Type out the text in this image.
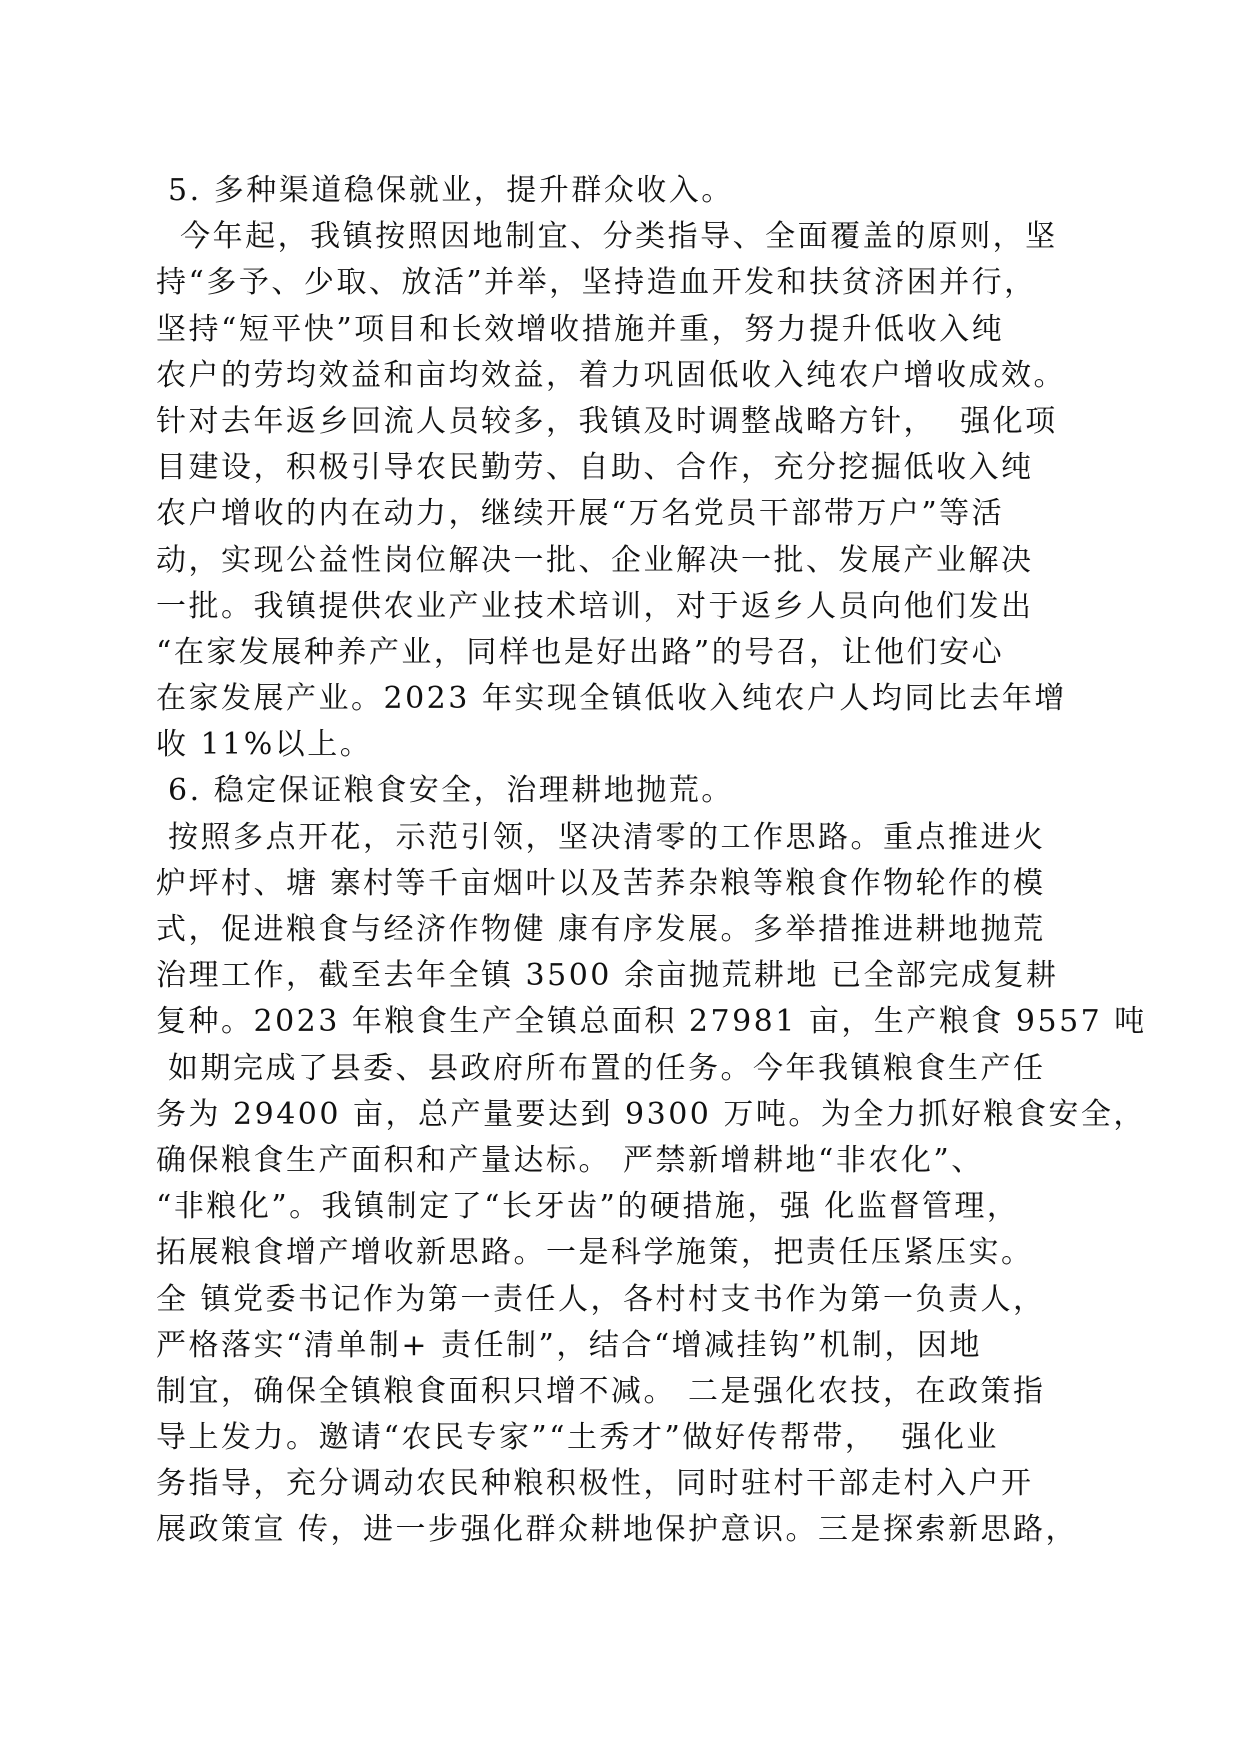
5. 多种渠道稳保就业，提升群众收入。
今年起，我镇按照因地制宜、分类指导、全面覆盖的原则，坚
持“多予、少取、放活”并举，坚持造血开发和扶贫济困并行，
坚持“短平快”项目和长效增收措施并重，努力提升低收入纯
农户的劳均效益和亩均效益，着力巩固低收入纯农户增收成效。
针对去年返乡回流人员较多，我镇及时调整战略方针，  强化项
目建设，积极引导农民勤劳、自助、合作，充分挖掘低收入纯
农户增收的内在动力，继续开展“万名党员干部带万户”等活
动，实现公益性岗位解决一批、企业解决一批、发展产业解决
一批。我镇提供农业产业技术培训，对于返乡人员向他们发出
“在家发展种养产业，同样也是好出路”的号召，让他们安心
在家发展产业。2023 年实现全镇低收入纯农户人均同比去年增
收 11%以上。
6. 稳定保证粮食安全，治理耕地抛荒。
按照多点开花，示范引领，坚决清零的工作思路。重点推进火
炉坪村、塘 寨村等千亩烟叶以及苦荞杂粮等粮食作物轮作的模
式，促进粮食与经济作物健 康有序发展。多举措推进耕地抛荒
治理工作，截至去年全镇 3500 余亩抛荒耕地 已全部完成复耕
复种。2023 年粮食生产全镇总面积 27981 亩，生产粮食 9557 吨
如期完成了县委、县政府所布置的任务。今年我镇粮食生产任
务为 29400 亩，总产量要达到 9300 万吨。为全力抓好粮食安全，
确保粮食生产面积和产量达标。 严禁新增耕地“非农化”、
“非粮化”。我镇制定了“长牙齿”的硬措施，强 化监督管理，
拓展粮食增产增收新思路。一是科学施策，把责任压紧压实。
全 镇党委书记作为第一责任人，各村村支书作为第一负责人，
严格落实“清单制+ 责任制”，结合“增减挂钩”机制，因地
制宜，确保全镇粮食面积只增不减。 二是强化农技，在政策指
导上发力。邀请“农民专家”“土秀才”做好传帮带，  强化业
务指导，充分调动农民种粮积极性，同时驻村干部走村入户开
展政策宣 传，进一步强化群众耕地保护意识。三是探索新思路，
